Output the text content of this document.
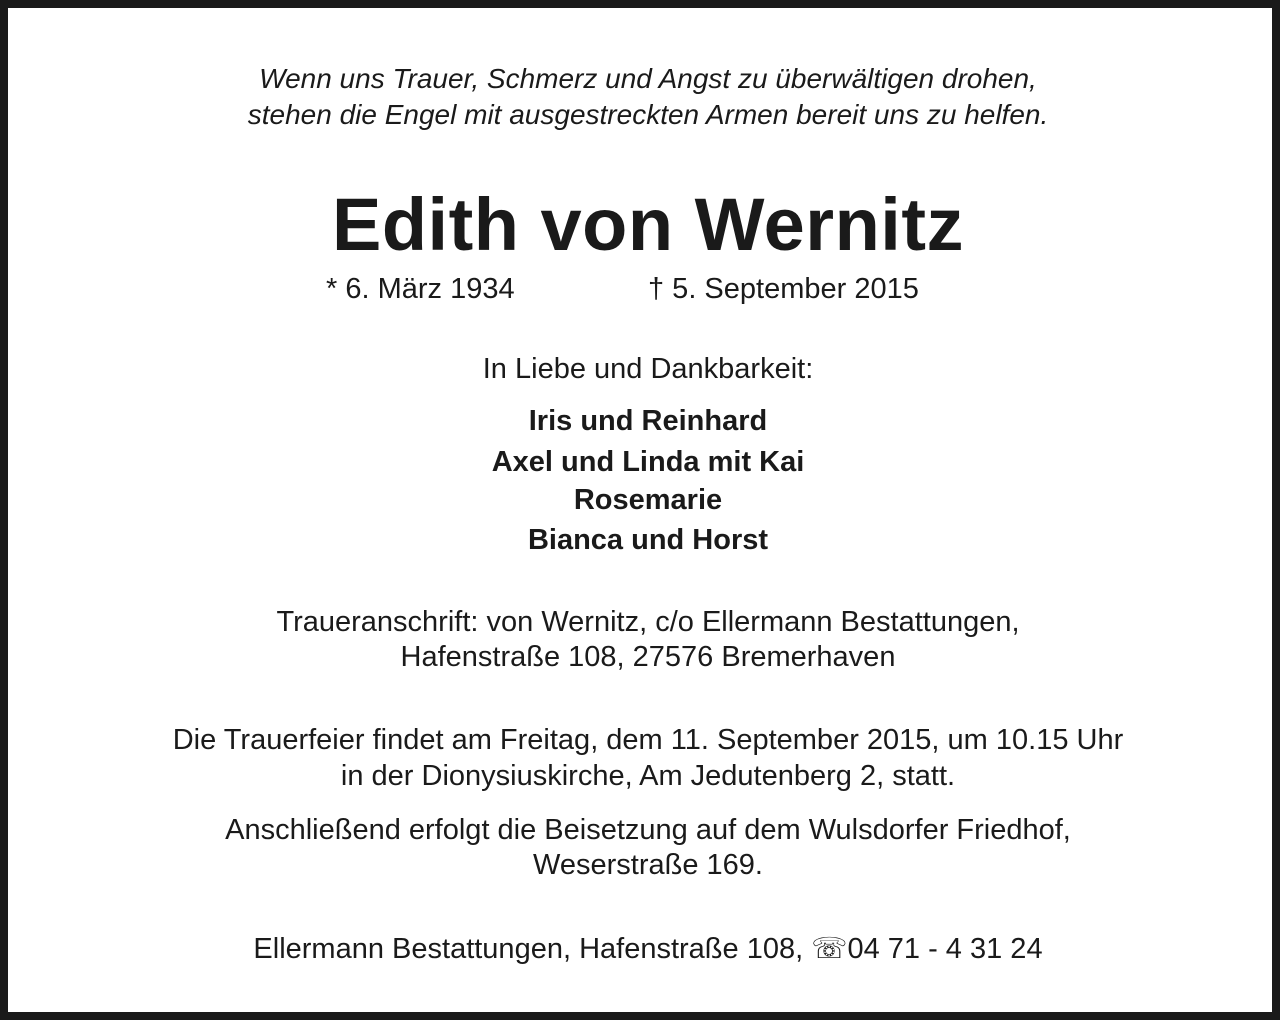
Wenn uns Trauer, Schmerz und Angst zu überwältigen drohen,
stehen die Engel mit ausgestreckten Armen bereit uns zu helfen.
Edith von Wernitz
* 6. März 1934	† 5. September 2015
In Liebe und Dankbarkeit:
Iris und Reinhard
Axel und Linda mit Kai
Rosemarie
Bianca und Horst
Traueranschrift: von Wernitz, c/o Ellermann Bestattungen,
Hafenstraße 108, 27576 Bremerhaven
Die Trauerfeier findet am Freitag, dem 11. September 2015, um 10.15 Uhr
in der Dionysiuskirche, Am Jedutenberg 2, statt.
Anschließend erfolgt die Beisetzung auf dem Wulsdorfer Friedhof,
Weserstraße 169.
Ellermann Bestattungen, Hafenstraße 108, ☏04 71 - 4 31 24
